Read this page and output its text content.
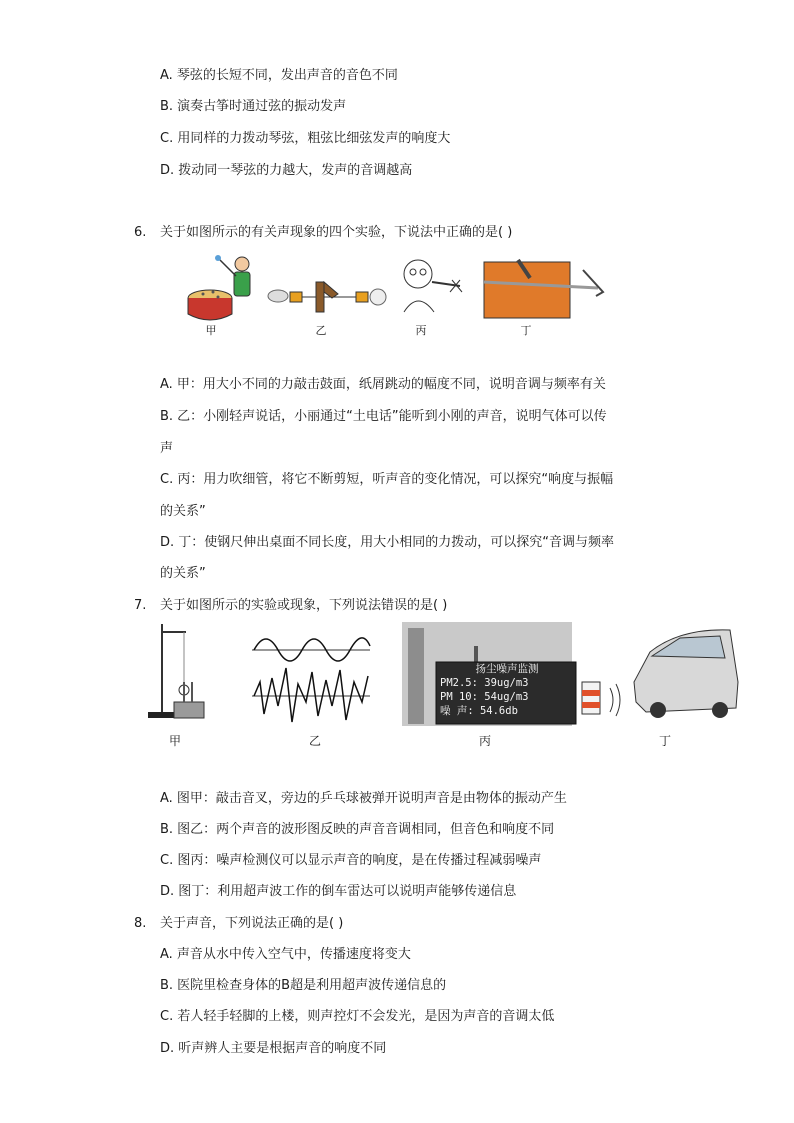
A. 琴弦的长短不同，发出声音的音色不同
B. 演奏古筝时通过弦的振动发声
C. 用同样的力拨动琴弦，粗弦比细弦发声的响度大
D. 拨动同一琴弦的力越大，发声的音调越高
6. 关于如图所示的有关声现象的四个实验，下说法中正确的是( )
甲	乙	丙	丁
A. 甲：用大小不同的力敲击鼓面，纸屑跳动的幅度不同，说明音调与频率有关
B. 乙：小刚轻声说话，小丽通过“土电话”能听到小刚的声音，说明气体可以传
声
C. 丙：用力吹细管，将它不断剪短，听声音的变化情况，可以探究“响度与振幅
的关系”
D. 丁：使钢尺伸出桌面不同长度，用大小相同的力拨动，可以探究“音调与频率
的关系”
7. 关于如图所示的实验或现象，下列说法错误的是( )
扬尘噪声监测
PM2.5: 39ug/m3
PM 10: 54ug/m3
噪 声: 54.6db
甲	乙	丙	丁
A. 图甲：敲击音叉，旁边的乒乓球被弹开说明声音是由物体的振动产生
B. 图乙：两个声音的波形图反映的声音音调相同，但音色和响度不同
C. 图丙：噪声检测仪可以显示声音的响度，是在传播过程减弱噪声
D. 图丁：利用超声波工作的倒车雷达可以说明声能够传递信息
8. 关于声音，下列说法正确的是( )
A. 声音从水中传入空气中，传播速度将变大
B. 医院里检查身体的B超是利用超声波传递信息的
C. 若人轻手轻脚的上楼，则声控灯不会发光，是因为声音的音调太低
D. 听声辨人主要是根据声音的响度不同
